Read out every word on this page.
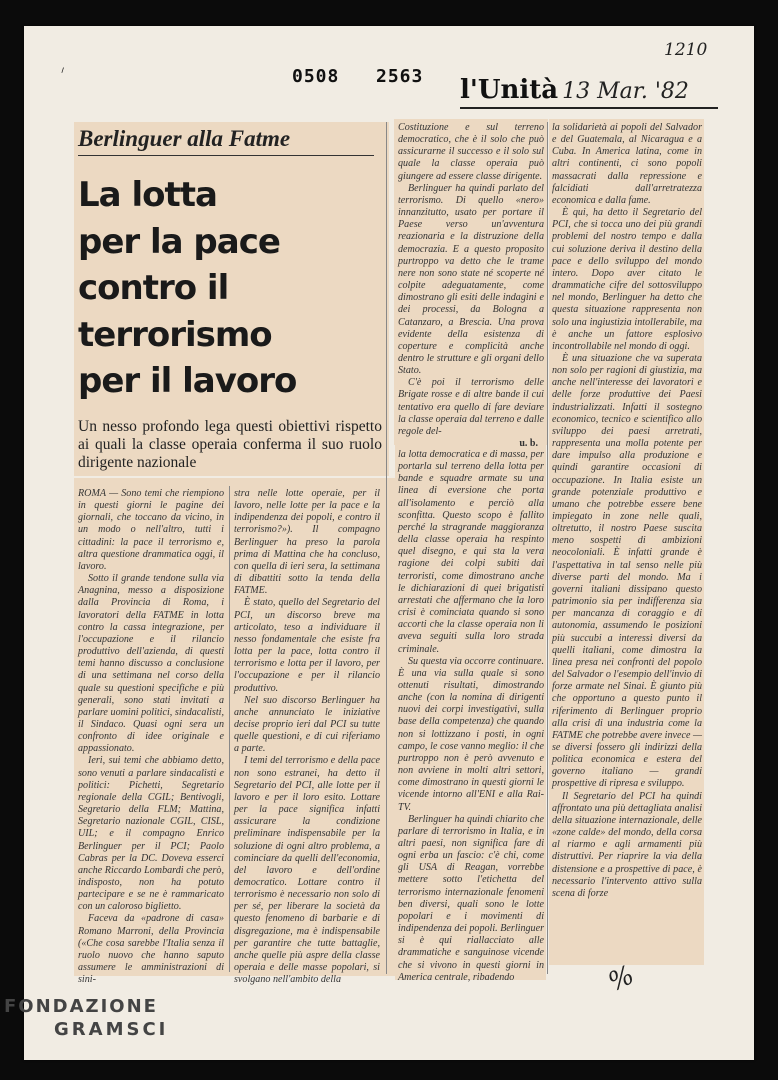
1210
ᐟ	0508 2563 l'Unità 13 Mar. '82
Berlinguer alla Fatme
La lotta
per la pace
contro il
terrorismo
per il lavoro
Un nesso profondo lega questi obiettivi rispetto ai quali la classe operaia conferma il suo ruolo dirigente nazionale

ROMA — Sono temi che riempiono in questi giorni le pagine dei giornali, che toccano da vicino, in un modo o nell'altro, tutti i cittadini: la pace il terrorismo e, altra questione drammatica oggi, il lavoro.

Sotto il grande tendone sulla via Anagnina, messo a disposizione dalla Provincia di Roma, i lavoratori della FATME in lotta contro la cassa integrazione, per l'occupazione e il rilancio produttivo dell'azienda, di questi temi hanno discusso a conclusione di una settimana nel corso della quale su questioni specifiche e più generali, sono stati invitati a parlare uomini politici, sindacalisti, il Sindaco. Quasi ogni sera un confronto di idee originale e appassionato.

Ieri, sui temi che abbiamo detto, sono venuti a parlare sindacalisti e politici: Pichetti, Segretario regionale della CGIL; Bentivogli, Segretario della FLM; Mattina, Segretario nazionale CGIL, CISL, UIL; e il compagno Enrico Berlinguer per il PCI; Paolo Cabras per la DC. Doveva esserci anche Riccardo Lombardi che però, indisposto, non ha potuto partecipare e se ne è rammaricato con un caloroso biglietto.

Faceva da «padrone di casa» Romano Marroni, della Provincia («Che cosa sarebbe l'Italia senza il ruolo nuovo che hanno saputo assumere le amministrazioni di sini-

stra nelle lotte operaie, per il lavoro, nelle lotte per la pace e la indipendenza dei popoli, e contro il terrorismo?»). Il compagno Berlinguer ha preso la parola prima di Mattina che ha concluso, con quella di ieri sera, la settimana di dibattiti sotto la tenda della FATME.

È stato, quello del Segretario del PCI, un discorso breve ma articolato, teso a individuare il nesso fondamentale che esiste fra lotta per la pace, lotta contro il terrorismo e lotta per il lavoro, per l'occupazione e per il rilancio produttivo.

Nel suo discorso Berlinguer ha anche annunciato le iniziative decise proprio ieri dal PCI su tutte quelle questioni, e di cui riferiamo a parte.

I temi del terrorismo e della pace non sono estranei, ha detto il Segretario del PCI, alle lotte per il lavoro e per il loro esito. Lottare per la pace significa infatti assicurare la condizione preliminare indispensabile per la soluzione di ogni altro problema, a cominciare da quelli dell'economia, del lavoro e dell'ordine democratico. Lottare contro il terrorismo è necessario non solo di per sé, per liberare la società da questo fenomeno di barbarie e di disgregazione, ma è indispensabile per garantire che tutte battaglie, anche quelle più aspre della classe operaia e delle masse popolari, si svolgano nell'ambito della

Costituzione e sul terreno democratico, che è il solo che può assicurarne il successo e il solo sul quale la classe operaia può giungere ad essere classe dirigente.

Berlinguer ha quindi parlato del terrorismo. Di quello «nero» innanzitutto, usato per portare il Paese verso un'avventura reazionaria e la distruzione della democrazia. E a questo proposito purtroppo va detto che le trame nere non sono state né scoperte né colpite adeguatamente, come dimostrano gli esiti delle indagini e dei processi, da Bologna a Catanzaro, a Brescia. Una prova evidente della esistenza di coperture e complicità anche dentro le strutture e gli organi dello Stato.

C'è poi il terrorismo delle Brigate rosse e di altre bande il cui tentativo era quello di fare deviare la classe operaia dal terreno e dalle regole del-

u. b.

la lotta democratica e di massa, per portarla sul terreno della lotta per bande e squadre armate su una linea di eversione che porta all'isolamento e perciò alla sconfitta. Questo scopo è fallito perché la stragrande maggioranza della classe operaia ha respinto quel disegno, e qui sta la vera ragione dei colpi subiti dai terroristi, come dimostrano anche le dichiarazioni di quei brigatisti arrestati che affermano che la loro crisi è cominciata quando si sono accorti che la classe operaia non li aveva seguiti sulla loro strada criminale.

Su questa via occorre continuare. È una via sulla quale si sono ottenuti risultati, dimostrando anche (con la nomina di dirigenti nuovi dei corpi investigativi, sulla base della competenza) che quando non si lottizzano i posti, in ogni campo, le cose vanno meglio: il che purtroppo non è però avvenuto e non avviene in molti altri settori, come dimostrano in questi giorni le vicende intorno all'ENI e alla Rai-TV.

Berlinguer ha quindi chiarito che parlare di terrorismo in Italia, e in altri paesi, non significa fare di ogni erba un fascio: c'è chi, come gli USA di Reagan, vorrebbe mettere sotto l'etichetta del terrorismo internazionale fenomeni ben diversi, quali sono le lotte popolari e i movimenti di indipendenza dei popoli. Berlinguer si è qui riallacciato alle drammatiche e sanguinose vicende che si vivono in questi giorni in America centrale, ribadendo

la solidarietà ai popoli del Salvador e del Guatemala, al Nicaragua e a Cuba. In America latina, come in altri continenti, ci sono popoli massacrati dalla repressione e falcidiati dall'arretratezza economica e dalla fame.

È qui, ha detto il Segretario del PCI, che si tocca uno dei più grandi problemi del nostro tempo e dalla cui soluzione deriva il destino della pace e dello sviluppo del mondo intero. Dopo aver citato le drammatiche cifre del sottosviluppo nel mondo, Berlinguer ha detto che questa situazione rappresenta non solo una ingiustizia intollerabile, ma è anche un fattore esplosivo incontrollabile nel mondo di oggi.

È una situazione che va superata non solo per ragioni di giustizia, ma anche nell'interesse dei lavoratori e delle forze produttive dei Paesi industrializzati. Infatti il sostegno economico, tecnico e scientifico allo sviluppo dei paesi arretrati, rappresenta una molla potente per dare impulso alla produzione e quindi garantire occasioni di occupazione. In Italia esiste un grande potenziale produttivo e umano che potrebbe essere bene impiegato in zone nelle quali, oltretutto, il nostro Paese suscita meno sospetti di ambizioni neocoloniali. È infatti grande è l'aspettativa in tal senso nelle più diverse parti del mondo. Ma i governi italiani dissipano questo patrimonio sia per indifferenza sia per mancanza di coraggio e di autonomia, assumendo le posizioni più succubi a interessi diversi da quelli italiani, come dimostra la linea presa nei confronti del popolo del Salvador o l'esempio dell'invio di forze armate nel Sinai. È giunto più che opportuno a questo punto il riferimento di Berlinguer proprio alla crisi di una industria come la FATME che potrebbe avere invece — se diversi fossero gli indirizzi della politica economica e estera del governo italiano — grandi prospettive di ripresa e sviluppo.

Il Segretario del PCI ha quindi affrontato una più dettagliata analisi della situazione internazionale, delle «zone calde» del mondo, della corsa al riarmo e agli armamenti più distruttivi. Per riaprire la via della distensione e a prospettive di pace, è necessario l'intervento attivo sulla scena di forze

%
FONDAZIONE
GRAMSCI
